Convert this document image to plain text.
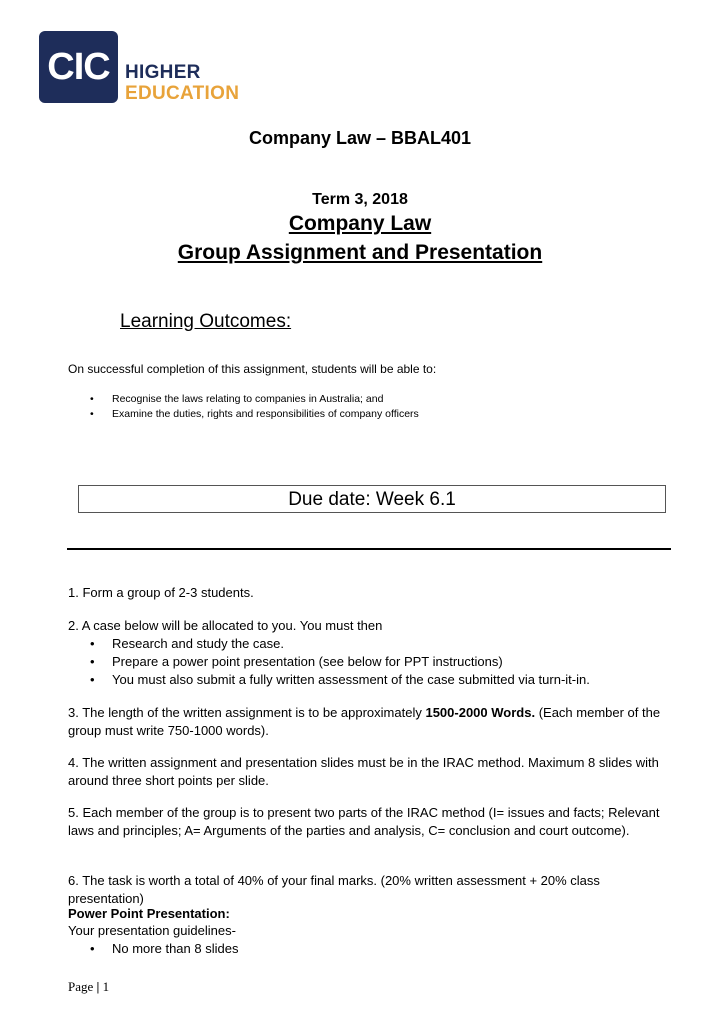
CIC HIGHER
EDUCATION
Company Law – BBAL401
Term 3, 2018
Company Law
Group Assignment and Presentation
Learning Outcomes:
On successful completion of this assignment, students will be able to:
• Recognise the laws relating to companies in Australia; and
• Examine the duties, rights and responsibilities of company officers
Due date: Week 6.1
1. Form a group of 2-3 students.
2. A case below will be allocated to you. You must then
• Research and study the case.
• Prepare a power point presentation (see below for PPT instructions)
• You must also submit a fully written assessment of the case submitted via turn-it-in.
3. The length of the written assignment is to be approximately 1500-2000 Words. (Each member of the group must write 750-1000 words).
4. The written assignment and presentation slides must be in the IRAC method. Maximum 8 slides with around three short points per slide.
5. Each member of the group is to present two parts of the IRAC method (I= issues and facts; Relevant laws and principles; A= Arguments of the parties and analysis, C= conclusion and court outcome).
6. The task is worth a total of 40% of your final marks. (20% written assessment + 20% class presentation)
Power Point Presentation:
Your presentation guidelines-
• No more than 8 slides
Page | 1
